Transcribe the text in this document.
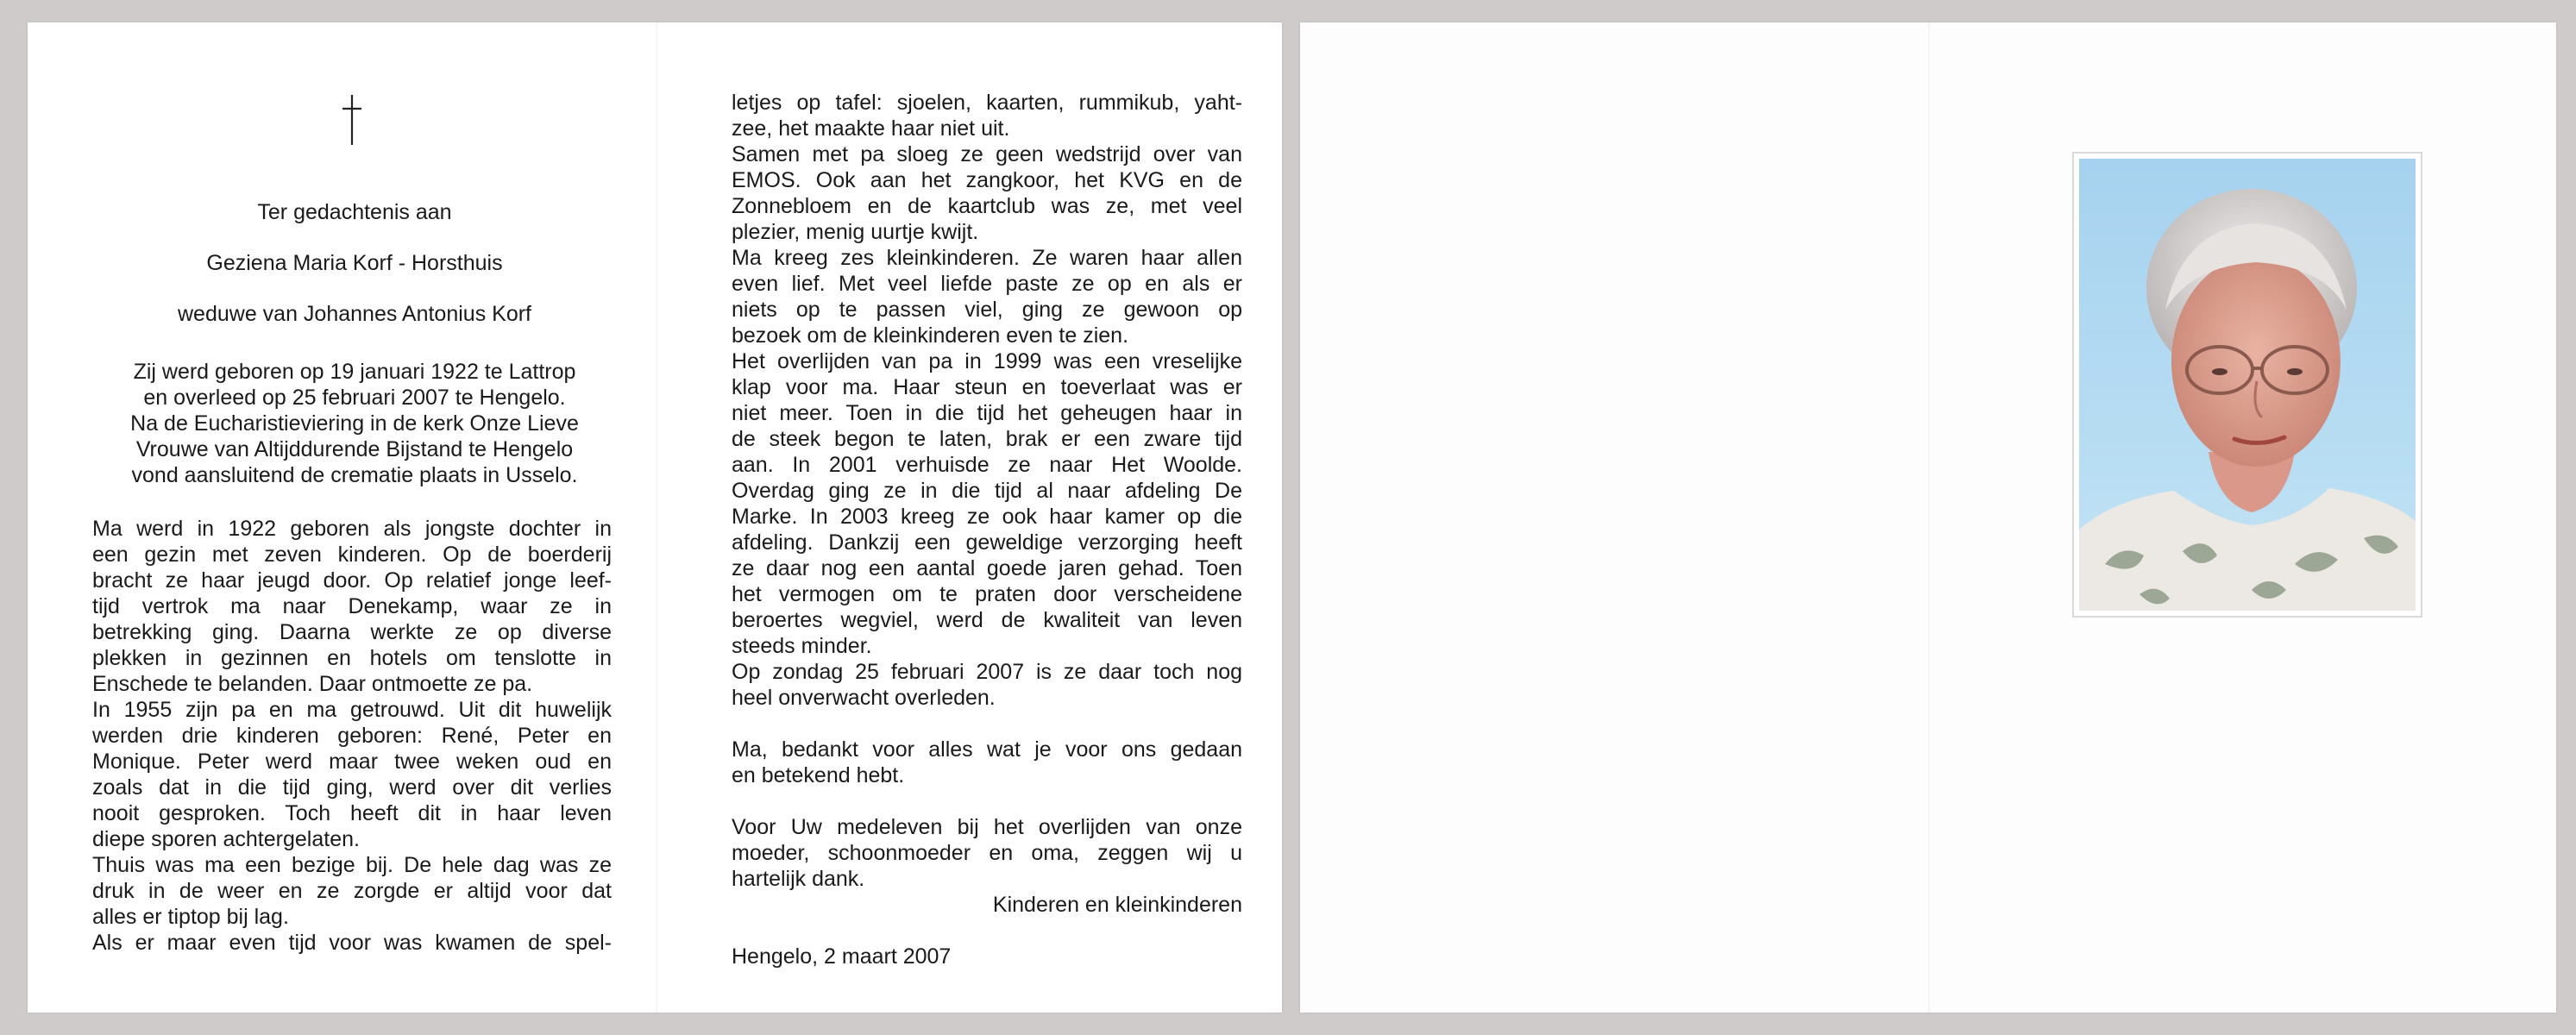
Ter gedachtenis aan
Geziena Maria Korf - Horsthuis
weduwe van Johannes Antonius Korf
Zij werd geboren op 19 januari 1922 te Lattrop
en overleed op 25 februari 2007 te Hengelo.
Na de Eucharistieviering in de kerk Onze Lieve
Vrouwe van Altijddurende Bijstand te Hengelo
vond aansluitend de crematie plaats in Usselo.
Ma werd in 1922 geboren als jongste dochter in
een gezin met zeven kinderen. Op de boerderij
bracht ze haar jeugd door. Op relatief jonge leef-
tijd vertrok ma naar Denekamp, waar ze in
betrekking ging. Daarna werkte ze op diverse
plekken in gezinnen en hotels om tenslotte in
Enschede te belanden. Daar ontmoette ze pa.
In 1955 zijn pa en ma getrouwd. Uit dit huwelijk
werden drie kinderen geboren: René, Peter en
Monique. Peter werd maar twee weken oud en
zoals dat in die tijd ging, werd over dit verlies
nooit gesproken. Toch heeft dit in haar leven
diepe sporen achtergelaten.
Thuis was ma een bezige bij. De hele dag was ze
druk in de weer en ze zorgde er altijd voor dat
alles er tiptop bij lag.
Als er maar even tijd voor was kwamen de spel-
letjes op tafel: sjoelen, kaarten, rummikub, yaht-
zee, het maakte haar niet uit.
Samen met pa sloeg ze geen wedstrijd over van
EMOS. Ook aan het zangkoor, het KVG en de
Zonnebloem en de kaartclub was ze, met veel
plezier, menig uurtje kwijt.
Ma kreeg zes kleinkinderen. Ze waren haar allen
even lief. Met veel liefde paste ze op en als er
niets op te passen viel, ging ze gewoon op
bezoek om de kleinkinderen even te zien.
Het overlijden van pa in 1999 was een vreselijke
klap voor ma. Haar steun en toeverlaat was er
niet meer. Toen in die tijd het geheugen haar in
de steek begon te laten, brak er een zware tijd
aan. In 2001 verhuisde ze naar Het Woolde.
Overdag ging ze in die tijd al naar afdeling De
Marke. In 2003 kreeg ze ook haar kamer op die
afdeling. Dankzij een geweldige verzorging heeft
ze daar nog een aantal goede jaren gehad. Toen
het vermogen om te praten door verscheidene
beroertes wegviel, werd de kwaliteit van leven
steeds minder.
Op zondag 25 februari 2007 is ze daar toch nog
heel onverwacht overleden.
Ma, bedankt voor alles wat je voor ons gedaan
en betekend hebt.
Voor Uw medeleven bij het overlijden van onze
moeder, schoonmoeder en oma, zeggen wij u
hartelijk dank.
Kinderen en kleinkinderen
Hengelo, 2 maart 2007
